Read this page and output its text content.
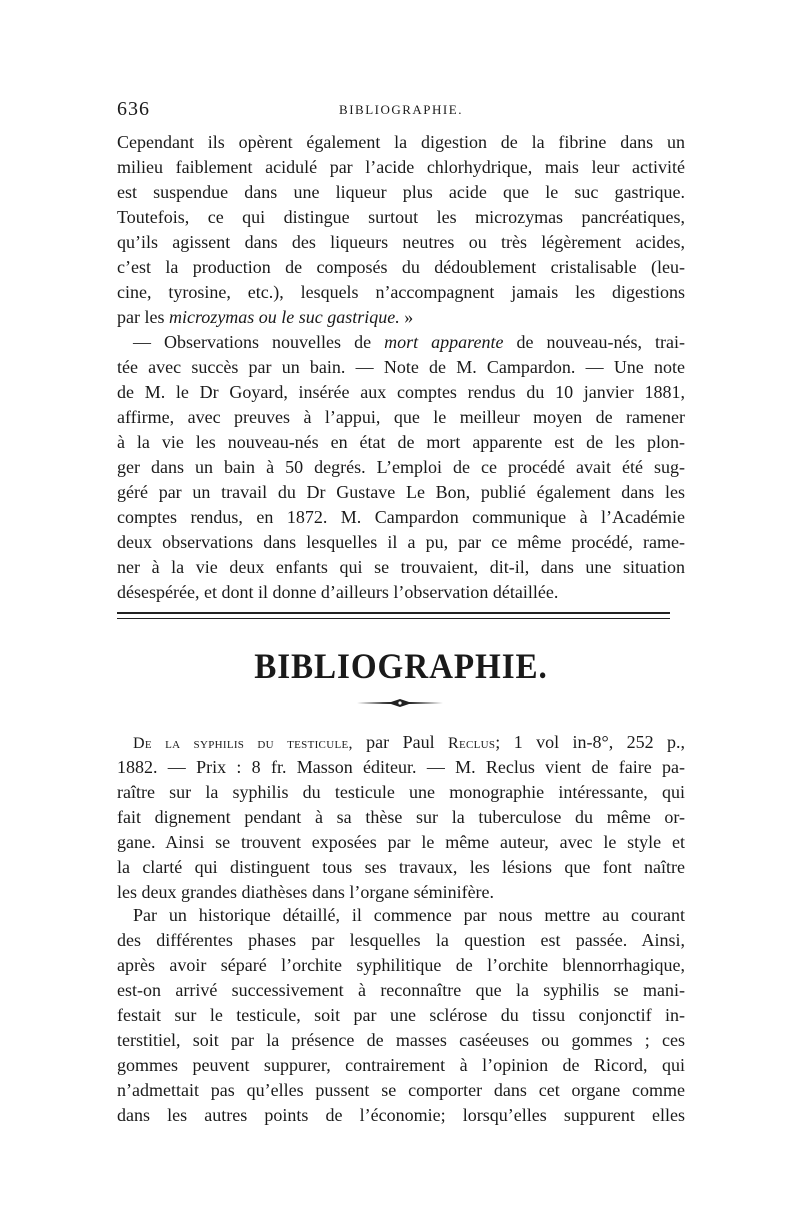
636	BIBLIOGRAPHIE.
Cependant ils opèrent également la digestion de la fibrine dans un
milieu faiblement acidulé par l’acide chlorhydrique, mais leur activité
est suspendue dans une liqueur plus acide que le suc gastrique.
Toutefois, ce qui distingue surtout les microzymas pancréatiques,
qu’ils agissent dans des liqueurs neutres ou très légèrement acides,
c’est la production de composés du dédoublement cristalisable (leu-
cine, tyrosine, etc.), lesquels n’accompagnent jamais les digestions
par les microzymas ou le suc gastrique. »
— Observations nouvelles de mort apparente de nouveau-nés, trai-
tée avec succès par un bain. — Note de M. Campardon. — Une note
de M. le Dr Goyard, insérée aux comptes rendus du 10 janvier 1881,
affirme, avec preuves à l’appui, que le meilleur moyen de ramener
à la vie les nouveau-nés en état de mort apparente est de les plon-
ger dans un bain à 50 degrés. L’emploi de ce procédé avait été sug-
géré par un travail du Dr Gustave Le Bon, publié également dans les
comptes rendus, en 1872. M. Campardon communique à l’Académie
deux observations dans lesquelles il a pu, par ce même procédé, rame-
ner à la vie deux enfants qui se trouvaient, dit-il, dans une situation
désespérée, et dont il donne d’ailleurs l’observation détaillée.
BIBLIOGRAPHIE.
De la syphilis du testicule, par Paul Reclus; 1 vol in-8°, 252 p.,
1882. — Prix : 8 fr. Masson éditeur. — M. Reclus vient de faire pa-
raître sur la syphilis du testicule une monographie intéressante, qui
fait dignement pendant à sa thèse sur la tuberculose du même or-
gane. Ainsi se trouvent exposées par le même auteur, avec le style et
la clarté qui distinguent tous ses travaux, les lésions que font naître
les deux grandes diathèses dans l’organe séminifère.
Par un historique détaillé, il commence par nous mettre au courant
des différentes phases par lesquelles la question est passée. Ainsi,
après avoir séparé l’orchite syphilitique de l’orchite blennorrhagique,
est-on arrivé successivement à reconnaître que la syphilis se mani-
festait sur le testicule, soit par une sclérose du tissu conjonctif in-
terstitiel, soit par la présence de masses caséeuses ou gommes ; ces
gommes peuvent suppurer, contrairement à l’opinion de Ricord, qui
n’admettait pas qu’elles pussent se comporter dans cet organe comme
dans les autres points de l’économie; lorsqu’elles suppurent elles
